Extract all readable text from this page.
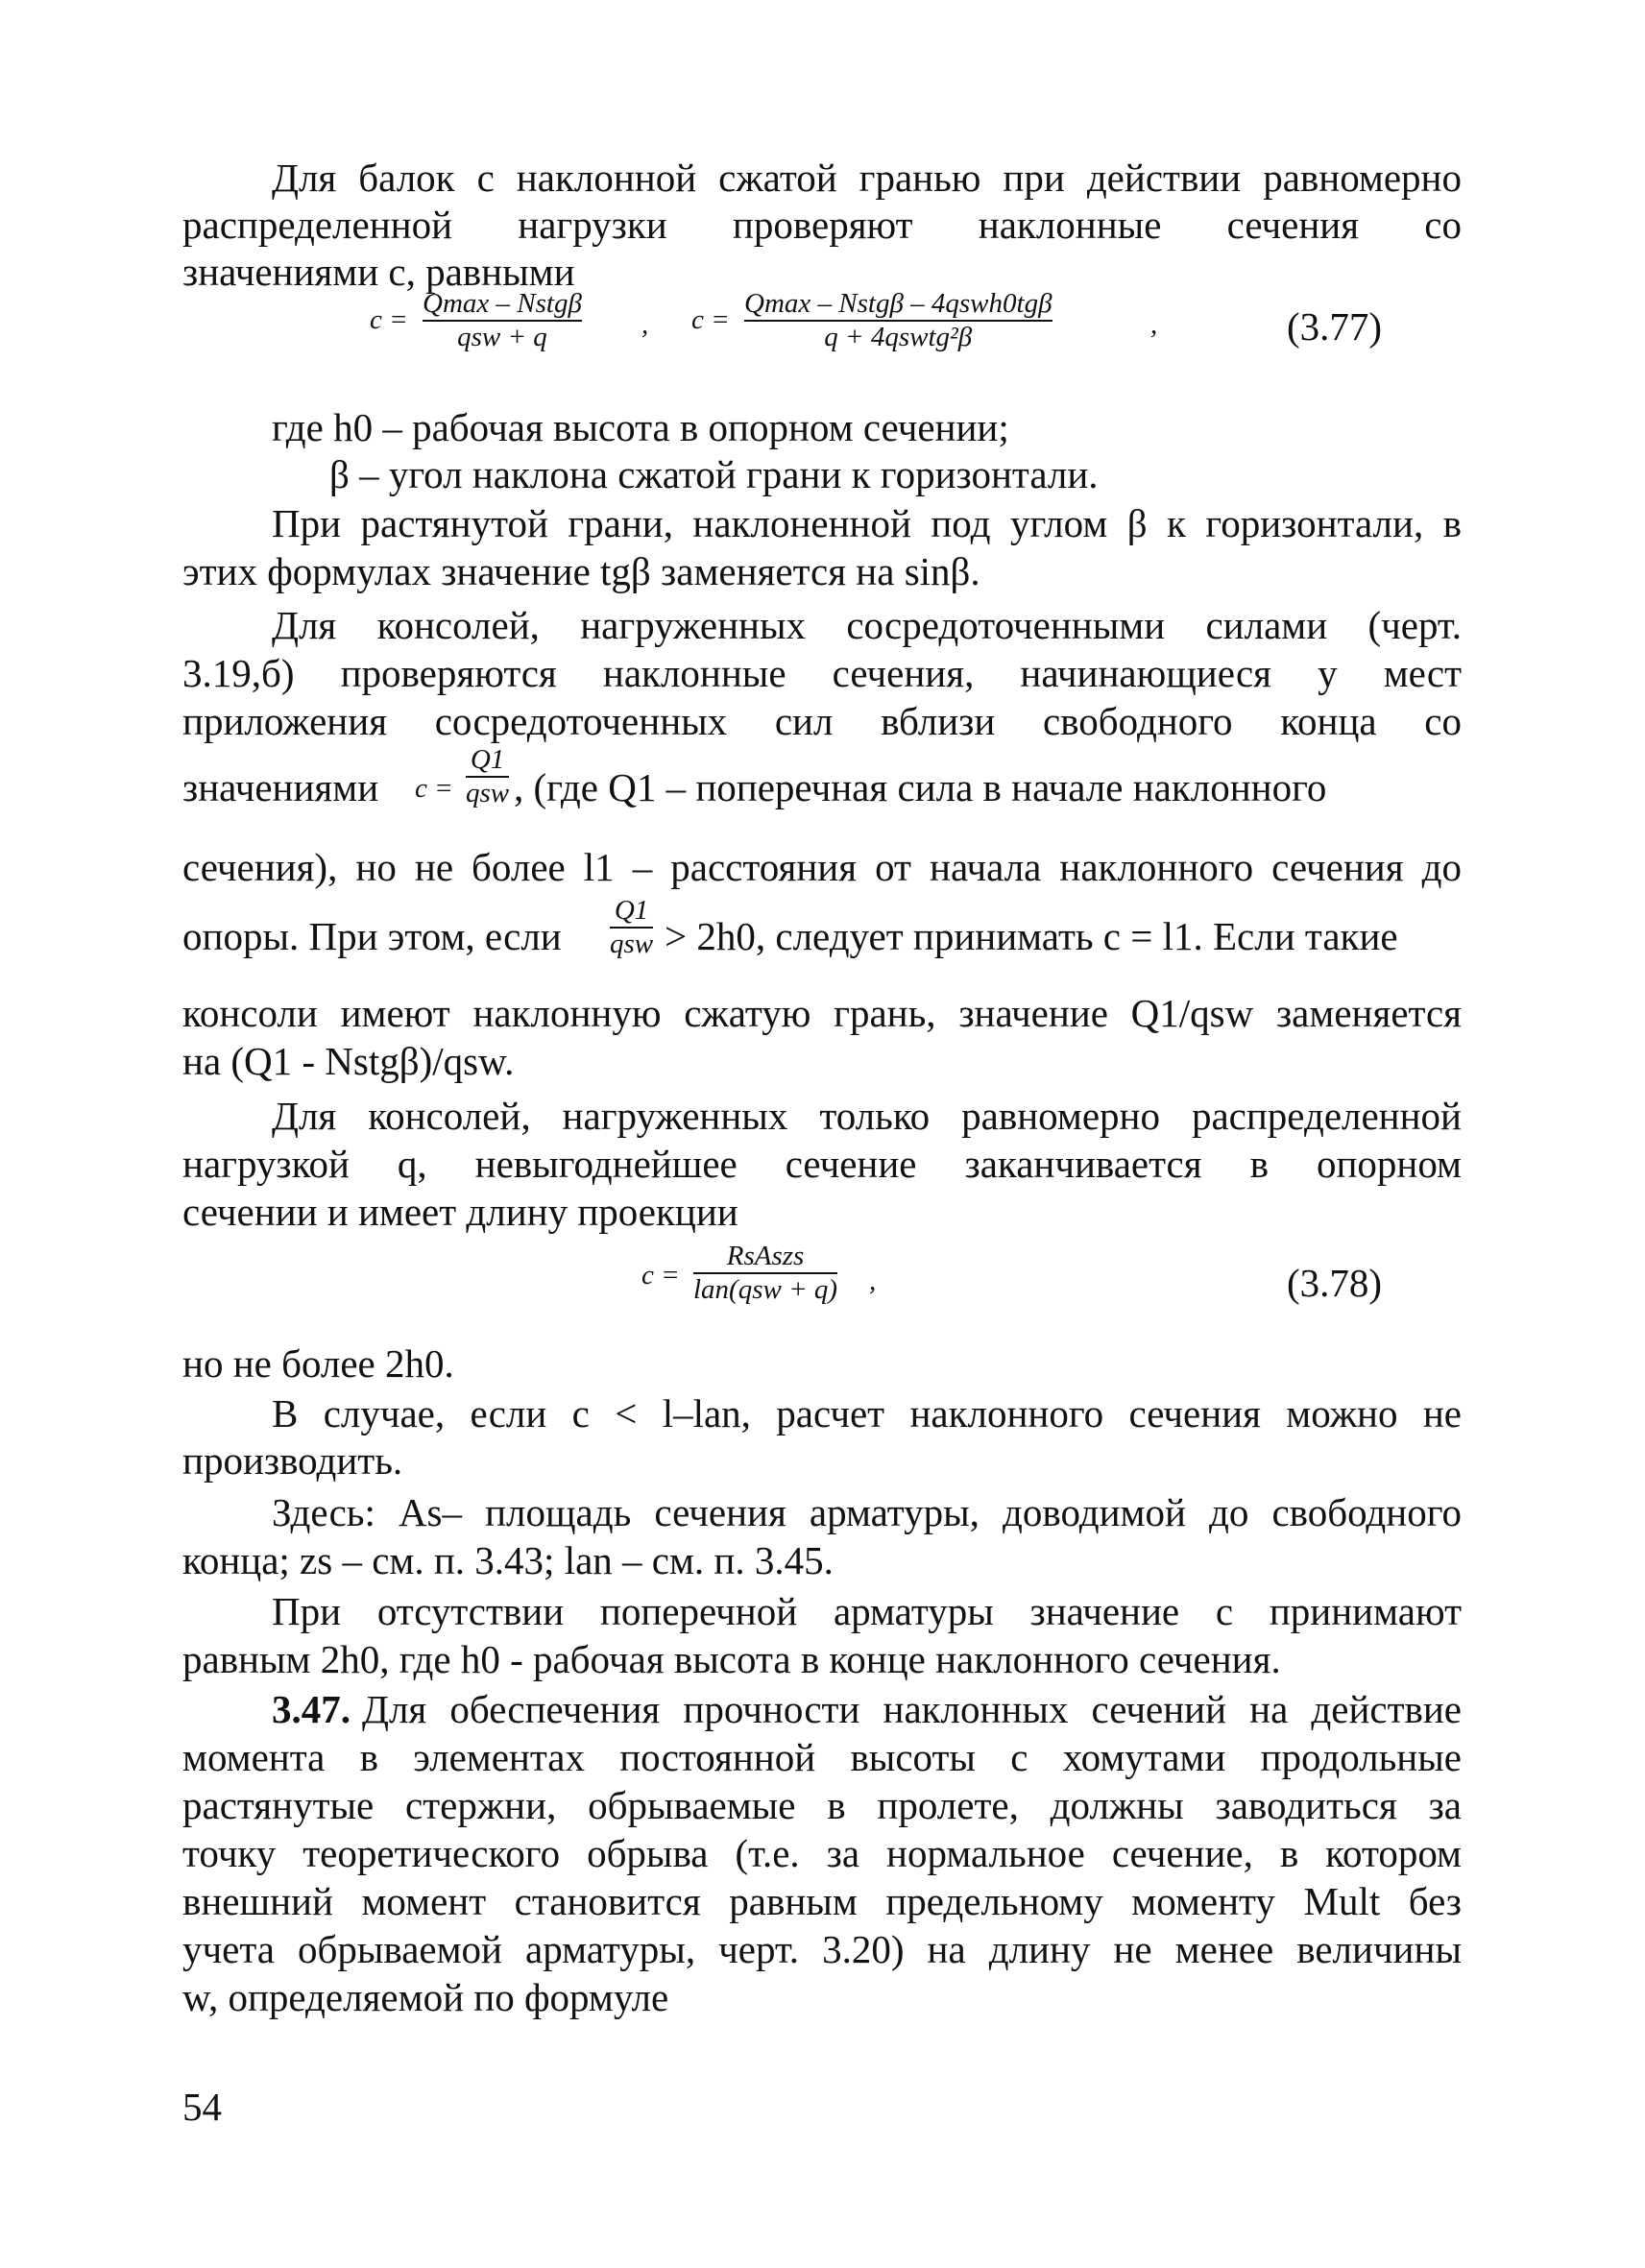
Для балок с наклонной сжатой гранью при действии равномерно
распределенной нагрузки проверяют наклонные сечения со
значениями c, равными
c =
Qmax – Nstgβ
qsw + q	, c =
Qmax – Nstgβ – 4qswh0tgβ
q + 4qswtg²β	,	(3.77)
где h0 – рабочая высота в опорном сечении;
β – угол наклона сжатой грани к горизонтали.
При растянутой грани, наклоненной под углом β к горизонтали, в
этих формулах значение tgβ заменяется на sinβ.
Для консолей, нагруженных сосредоточенными силами (черт.
3.19,б) проверяются наклонные сечения, начинающиеся у мест
приложения сосредоточенных сил вблизи свободного конца со
значениями	c =
Q1
qsw , (где Q1 – поперечная сила в начале наклонного
сечения), но не более l1 – расстояния от начала наклонного сечения до
опоры. При этом, если
Q1
qsw > 2h0, следует принимать c = l1. Если такие
консоли имеют наклонную сжатую грань, значение Q1/qsw заменяется
на (Q1 - Nstgβ)/qsw.
Для консолей, нагруженных только равномерно распределенной
нагрузкой q, невыгоднейшее сечение заканчивается в опорном
сечении и имеет длину проекции
c =
RsAszs
lan(qsw + q) ,	(3.78)
но не более 2h0.
В случае, если c < l–lan, расчет наклонного сечения можно не
производить.
Здесь: As– площадь сечения арматуры, доводимой до свободного
конца; zs – см. п. 3.43; lan – см. п. 3.45.
При отсутствии поперечной арматуры значение c принимают
равным 2h0, где h0 - рабочая высота в конце наклонного сечения.
3.47. Для обеспечения прочности наклонных сечений на действие
момента в элементах постоянной высоты с хомутами продольные
растянутые стержни, обрываемые в пролете, должны заводиться за
точку теоретического обрыва (т.е. за нормальное сечение, в котором
внешний момент становится равным предельному моменту Mult без
учета обрываемой арматуры, черт. 3.20) на длину не менее величины
w, определяемой по формуле
54
